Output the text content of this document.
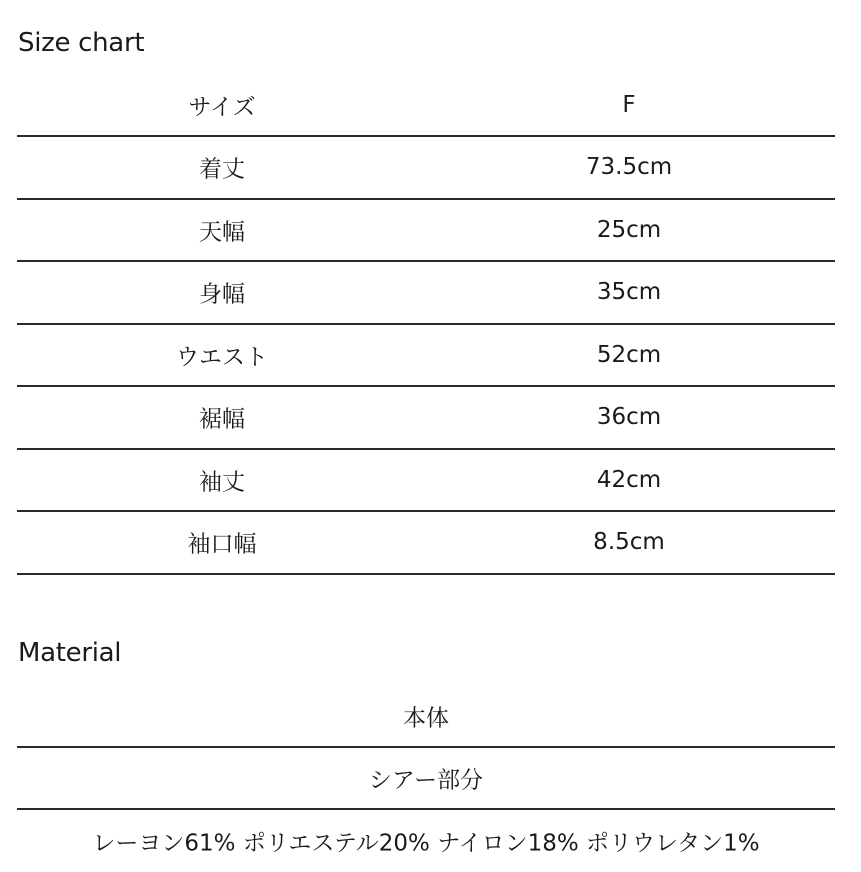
Size chart
サイズ	F
着丈	73.5cm
天幅	25cm
身幅	35cm
ウエスト	52cm
裾幅	36cm
袖丈	42cm
袖口幅	8.5cm
Material
本体
シアー部分
レーヨン61% ポリエステル20% ナイロン18% ポリウレタン1%
